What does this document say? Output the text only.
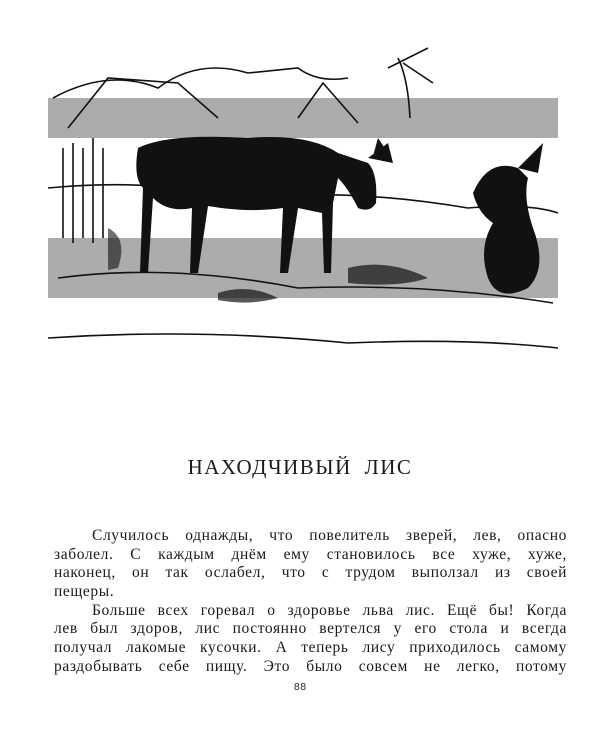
НАХОДЧИВЫЙ ЛИС
Случилось однажды, что повелитель зверей, лев, опасно
заболел. С каждым днём ему становилось все хуже, хуже,
наконец, он так ослабел, что с трудом выползал из своей
пещеры.
Больше всех горевал о здоровье льва лис. Ещё бы! Когда
лев был здоров, лис постоянно вертелся у его стола и всегда
получал лакомые кусочки. А теперь лису приходилось самому
раздобывать себе пищу. Это было совсем не легко, потому
88
